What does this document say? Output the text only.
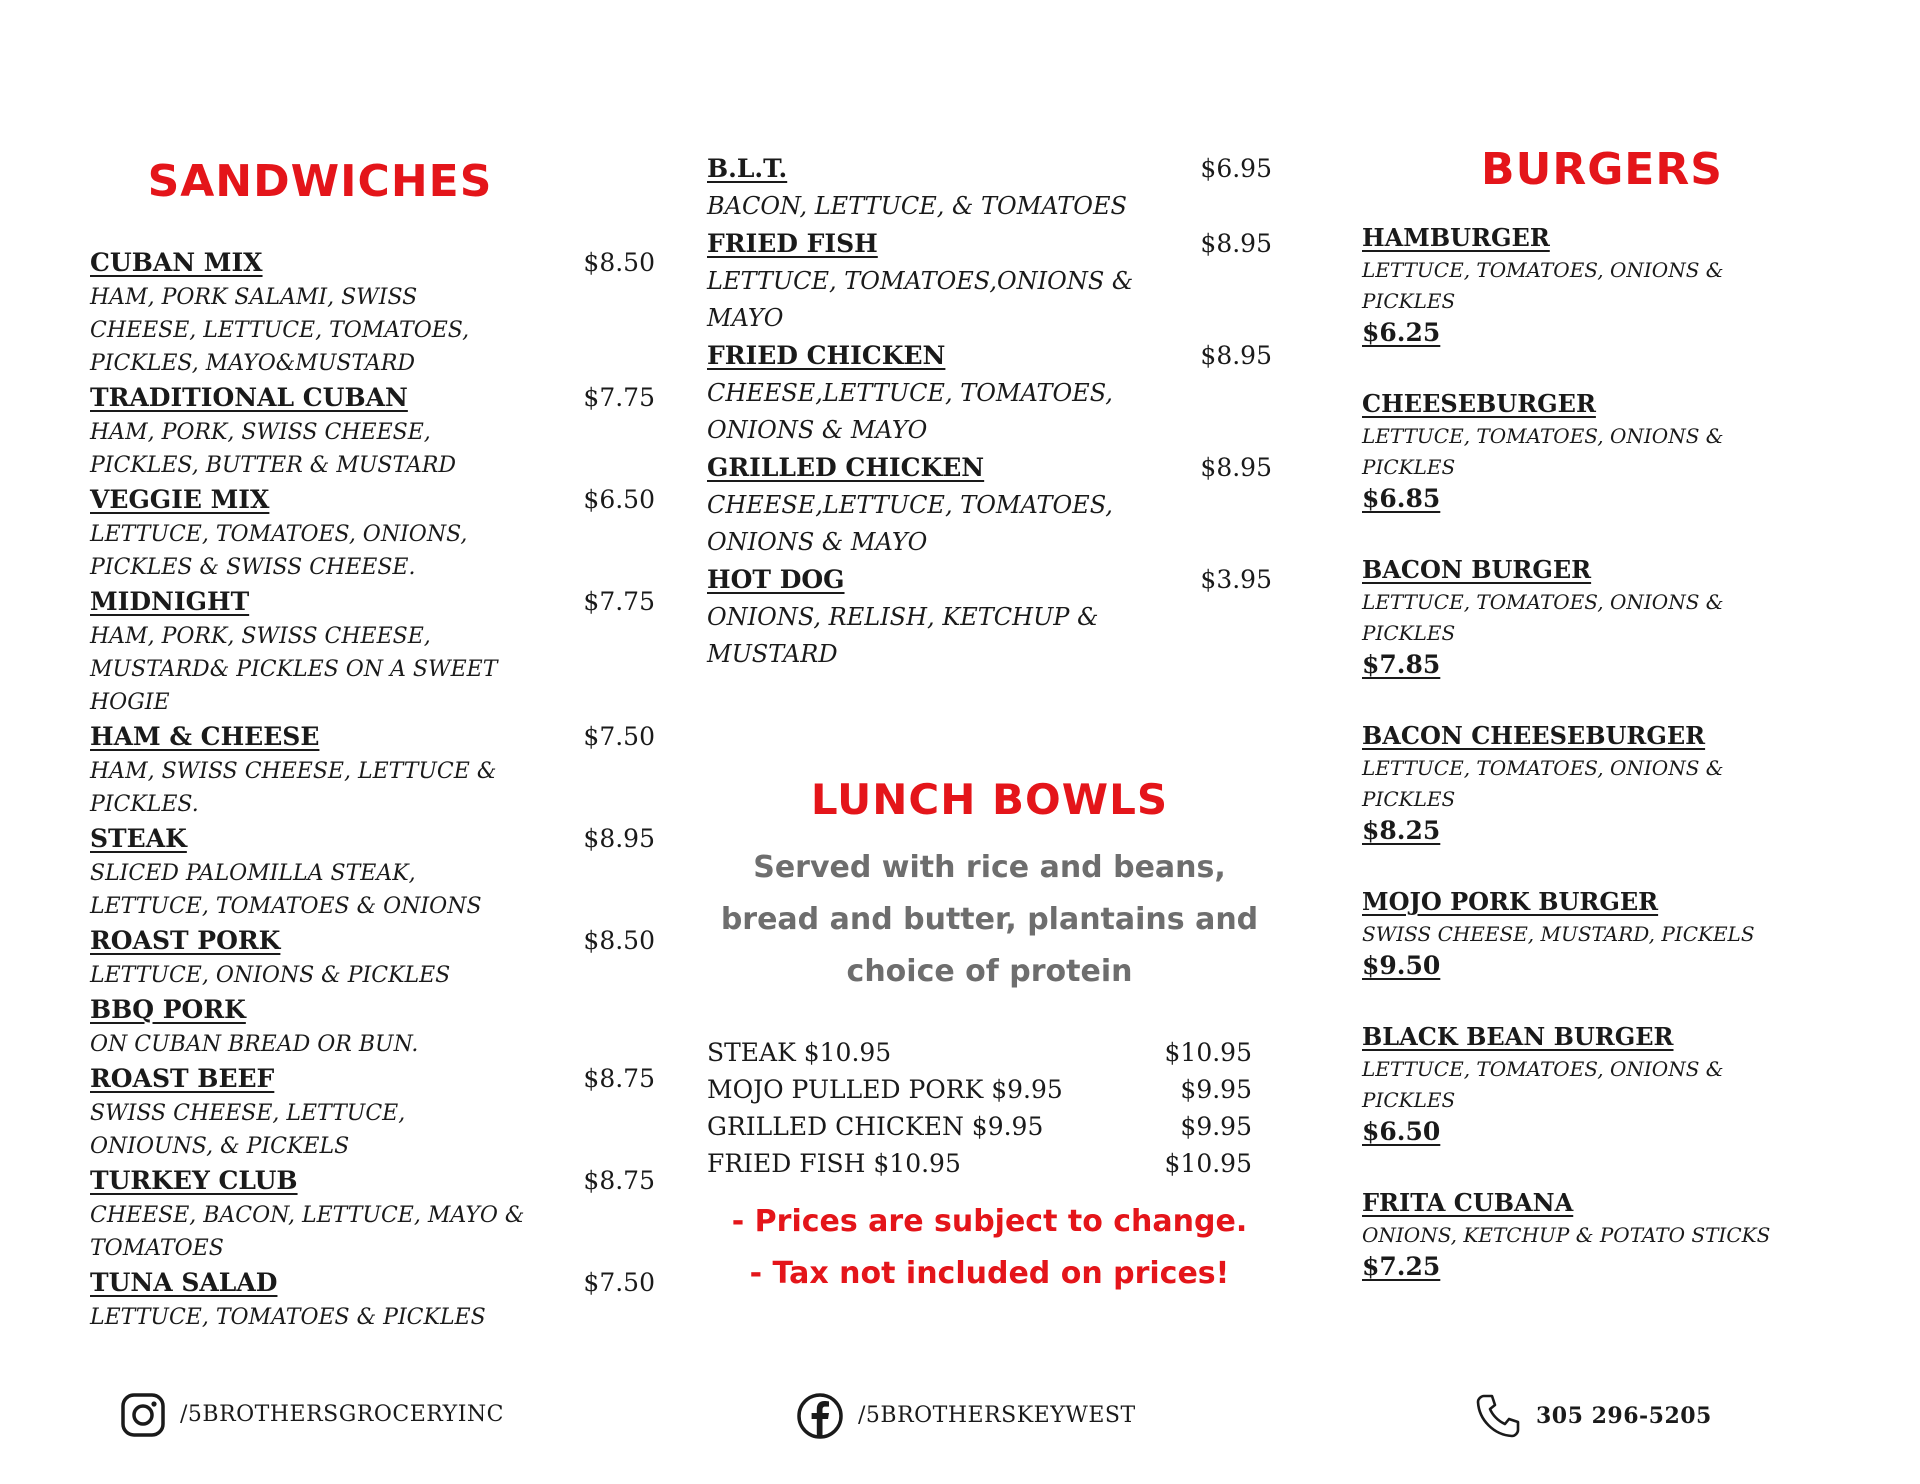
SANDWICHES
CUBAN MIX	$8.50
HAM, PORK SALAMI, SWISS CHEESE, LETTUCE, TOMATOES, PICKLES, MAYO&MUSTARD
TRADITIONAL CUBAN	$7.75
HAM, PORK, SWISS CHEESE, PICKLES, BUTTER & MUSTARD
VEGGIE MIX	$6.50
LETTUCE, TOMATOES, ONIONS, PICKLES & SWISS CHEESE.
MIDNIGHT	$7.75
HAM, PORK, SWISS CHEESE, MUSTARD& PICKLES ON A SWEET HOGIE
HAM & CHEESE	$7.50
HAM, SWISS CHEESE, LETTUCE & PICKLES.
STEAK	$8.95
SLICED PALOMILLA STEAK, LETTUCE, TOMATOES & ONIONS
ROAST PORK	$8.50
LETTUCE, ONIONS & PICKLES
BBQ PORK
ON CUBAN BREAD OR BUN.
ROAST BEEF	$8.75
SWISS CHEESE, LETTUCE, ONIOUNS, & PICKELS
TURKEY CLUB	$8.75
CHEESE, BACON, LETTUCE, MAYO & TOMATOES
TUNA SALAD	$7.50
LETTUCE, TOMATOES & PICKLES
B.L.T.	$6.95
BACON, LETTUCE, & TOMATOES
FRIED FISH	$8.95
LETTUCE, TOMATOES,ONIONS & MAYO
FRIED CHICKEN	$8.95
CHEESE,LETTUCE, TOMATOES, ONIONS & MAYO
GRILLED CHICKEN	$8.95
CHEESE,LETTUCE, TOMATOES, ONIONS & MAYO
HOT DOG	$3.95
ONIONS, RELISH, KETCHUP & MUSTARD
LUNCH BOWLS
Served with rice and beans, bread and butter, plantains and choice of protein
STEAK $10.95	$10.95
MOJO PULLED PORK $9.95	$9.95
GRILLED CHICKEN $9.95	$9.95
FRIED FISH $10.95	$10.95
- Prices are subject to change.
- Tax not included on prices!
BURGERS
HAMBURGER
LETTUCE, TOMATOES, ONIONS & PICKLES
$6.25
CHEESEBURGER
LETTUCE, TOMATOES, ONIONS & PICKLES
$6.85
BACON BURGER
LETTUCE, TOMATOES, ONIONS & PICKLES
$7.85
BACON CHEESEBURGER
LETTUCE, TOMATOES, ONIONS & PICKLES
$8.25
MOJO PORK BURGER
SWISS CHEESE, MUSTARD, PICKELS
$9.50
BLACK BEAN BURGER
LETTUCE, TOMATOES, ONIONS & PICKLES
$6.50
FRITA CUBANA
ONIONS, KETCHUP & POTATO STICKS
$7.25
/5BROTHERSGROCERYINC	/5BROTHERSKEYWEST	305 296-5205
